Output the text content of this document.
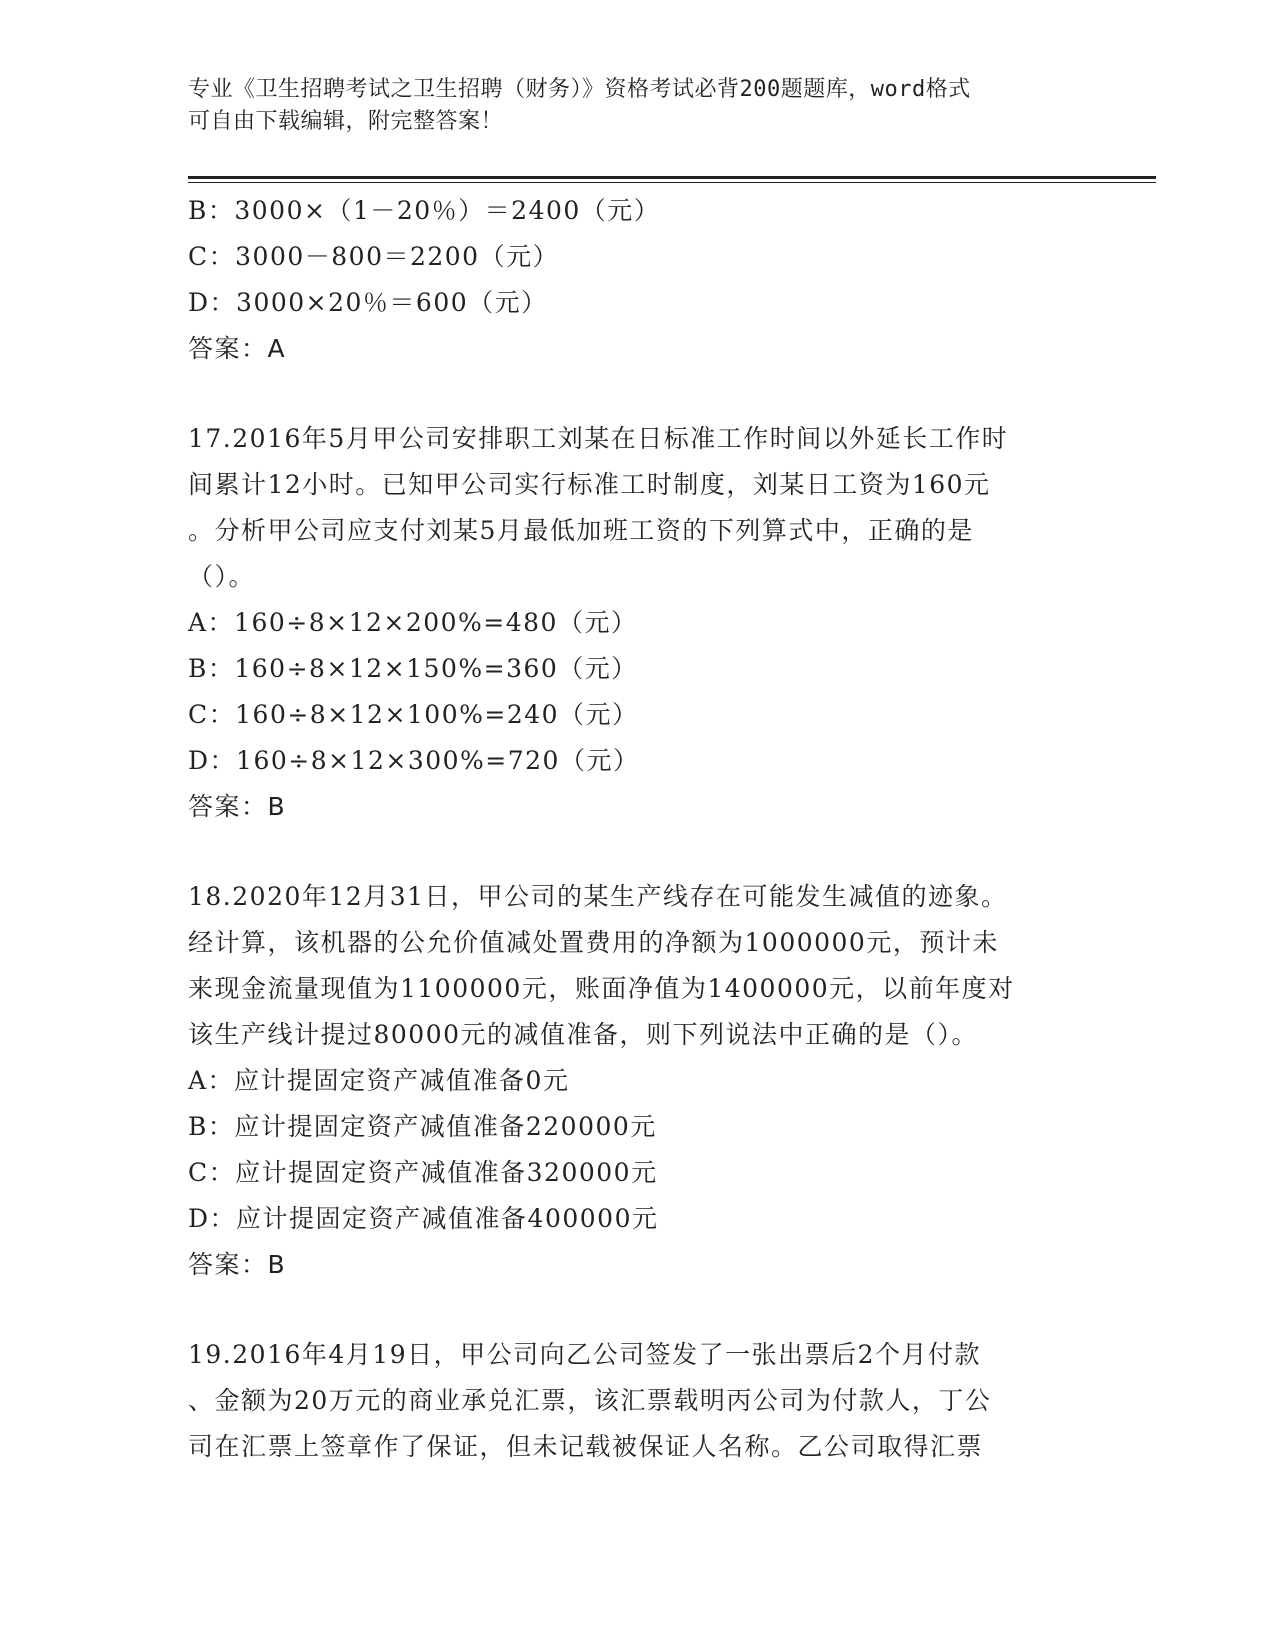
专业《卫生招聘考试之卫生招聘（财务）》资格考试必背200题题库，word格式
可自由下载编辑，附完整答案！
B：3000×（1－20％）＝2400（元）
C：3000－800＝2200（元）
D：3000×20％＝600（元）
答案：A
17.2016年5月甲公司安排职工刘某在日标准工作时间以外延长工作时
间累计12小时。已知甲公司实行标准工时制度，刘某日工资为160元
。分析甲公司应支付刘某5月最低加班工资的下列算式中，正确的是
（）。
A：160÷8×12×200%=480（元）
B：160÷8×12×150%=360（元）
C：160÷8×12×100%=240（元）
D：160÷8×12×300%=720（元）
答案：B
18.2020年12月31日，甲公司的某生产线存在可能发生减值的迹象。
经计算，该机器的公允价值减处置费用的净额为1000000元，预计未
来现金流量现值为1100000元，账面净值为1400000元，以前年度对
该生产线计提过80000元的减值准备，则下列说法中正确的是（）。
A：应计提固定资产减值准备0元
B：应计提固定资产减值准备220000元
C：应计提固定资产减值准备320000元
D：应计提固定资产减值准备400000元
答案：B
19.2016年4月19日，甲公司向乙公司签发了一张出票后2个月付款
、金额为20万元的商业承兑汇票，该汇票载明丙公司为付款人，丁公
司在汇票上签章作了保证，但未记载被保证人名称。乙公司取得汇票
